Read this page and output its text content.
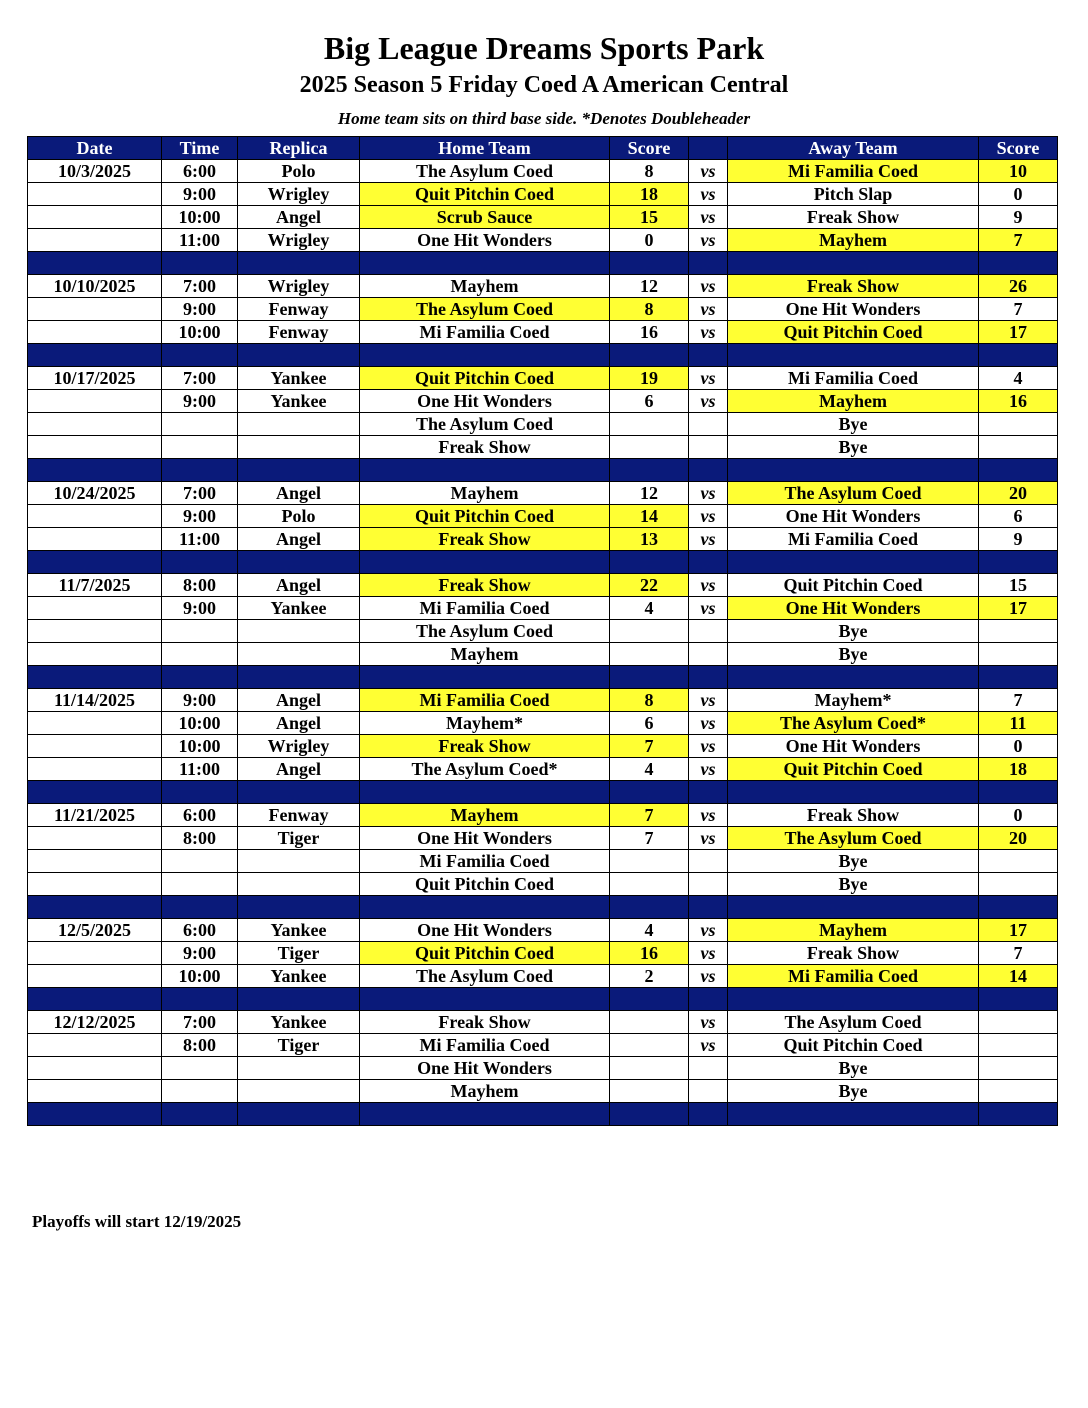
Big League Dreams Sports Park
2025 Season 5 Friday Coed A American Central
Home team sits on third base side. *Denotes Doubleheader
Date	Time	Replica	Home Team	Score		Away Team	Score
10/3/2025	6:00	Polo	The Asylum Coed	8	vs	Mi Familia Coed	10
	9:00	Wrigley	Quit Pitchin Coed	18	vs	Pitch Slap	0
	10:00	Angel	Scrub Sauce	15	vs	Freak Show	9
	11:00	Wrigley	One Hit Wonders	0	vs	Mayhem	7

10/10/2025	7:00	Wrigley	Mayhem	12	vs	Freak Show	26
	9:00	Fenway	The Asylum Coed	8	vs	One Hit Wonders	7
	10:00	Fenway	Mi Familia Coed	16	vs	Quit Pitchin Coed	17

10/17/2025	7:00	Yankee	Quit Pitchin Coed	19	vs	Mi Familia Coed	4
	9:00	Yankee	One Hit Wonders	6	vs	Mayhem	16
			The Asylum Coed			Bye	
			Freak Show			Bye	

10/24/2025	7:00	Angel	Mayhem	12	vs	The Asylum Coed	20
	9:00	Polo	Quit Pitchin Coed	14	vs	One Hit Wonders	6
	11:00	Angel	Freak Show	13	vs	Mi Familia Coed	9

11/7/2025	8:00	Angel	Freak Show	22	vs	Quit Pitchin Coed	15
	9:00	Yankee	Mi Familia Coed	4	vs	One Hit Wonders	17
			The Asylum Coed			Bye	
			Mayhem			Bye	

11/14/2025	9:00	Angel	Mi Familia Coed	8	vs	Mayhem*	7
	10:00	Angel	Mayhem*	6	vs	The Asylum Coed*	11
	10:00	Wrigley	Freak Show	7	vs	One Hit Wonders	0
	11:00	Angel	The Asylum Coed*	4	vs	Quit Pitchin Coed	18

11/21/2025	6:00	Fenway	Mayhem	7	vs	Freak Show	0
	8:00	Tiger	One Hit Wonders	7	vs	The Asylum Coed	20
			Mi Familia Coed			Bye	
			Quit Pitchin Coed			Bye	

12/5/2025	6:00	Yankee	One Hit Wonders	4	vs	Mayhem	17
	9:00	Tiger	Quit Pitchin Coed	16	vs	Freak Show	7
	10:00	Yankee	The Asylum Coed	2	vs	Mi Familia Coed	14

12/12/2025	7:00	Yankee	Freak Show		vs	The Asylum Coed	
	8:00	Tiger	Mi Familia Coed		vs	Quit Pitchin Coed	
			One Hit Wonders			Bye	
			Mayhem			Bye	

Playoffs will start 12/19/2025
